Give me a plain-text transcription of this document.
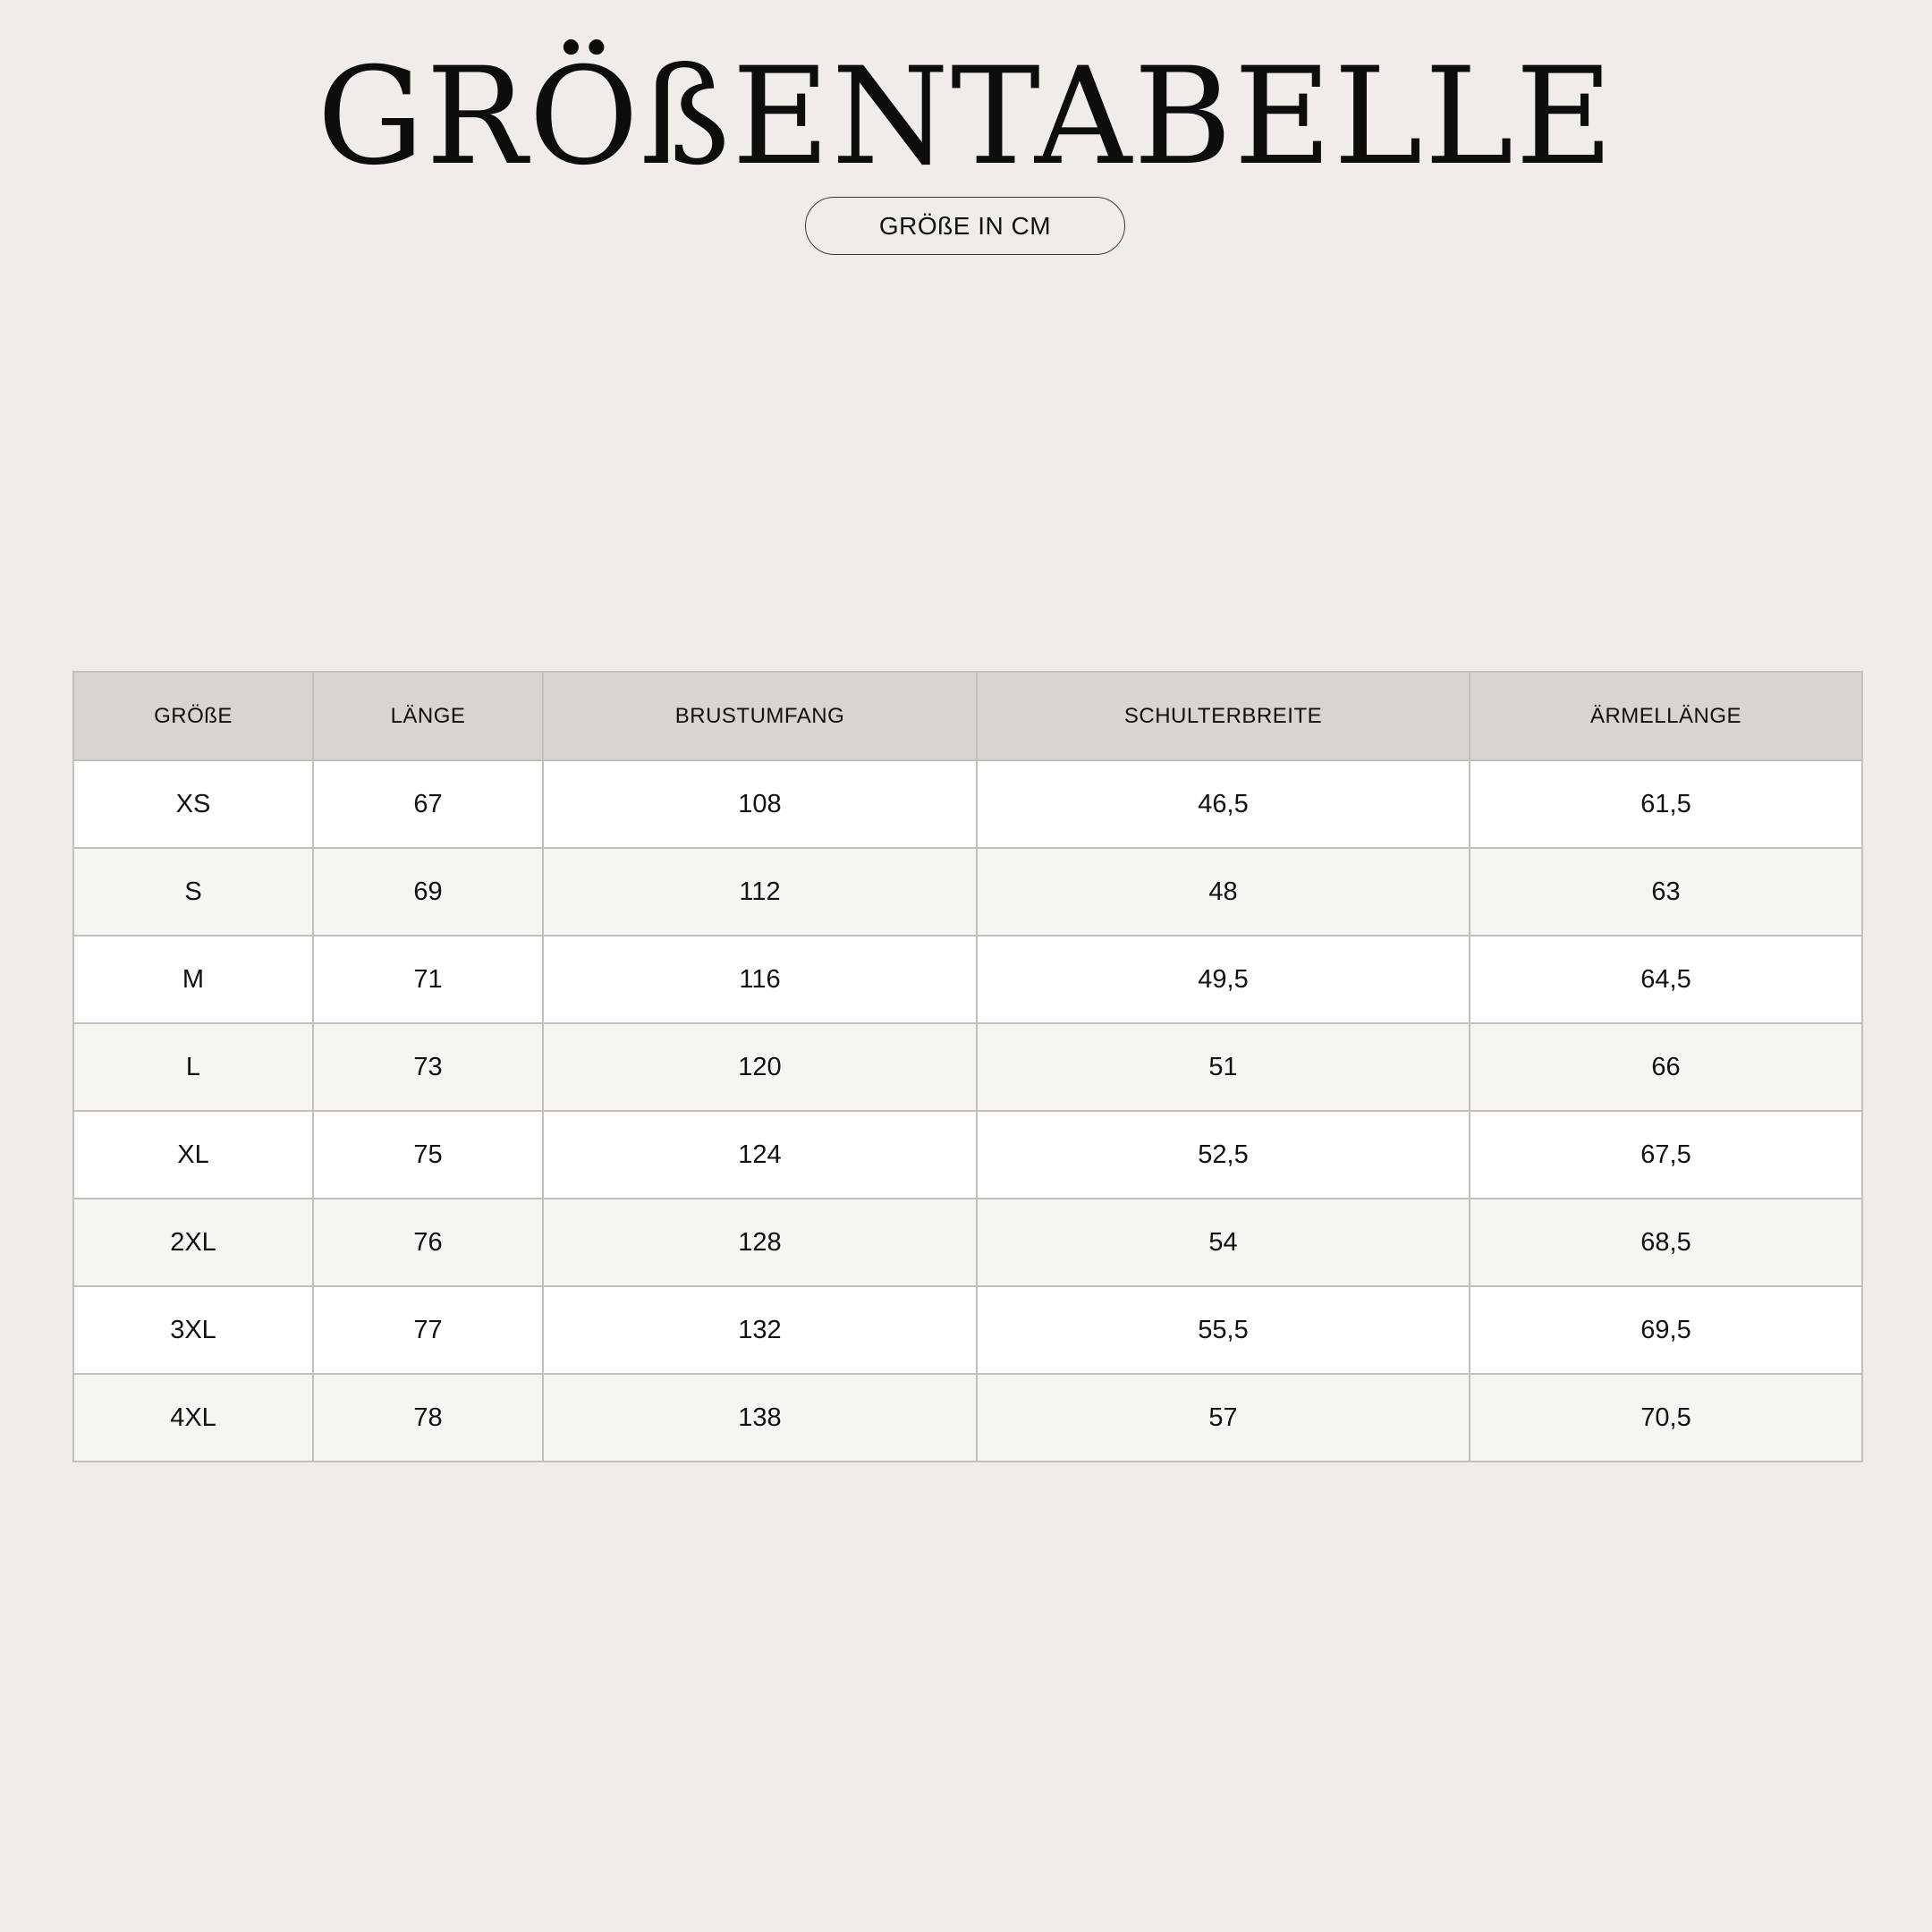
GRÖßENTABELLE
GRÖßE IN CM
GRÖßE	LÄNGE	BRUSTUMFANG	SCHULTERBREITE	ÄRMELLÄNGE
XS	67	108	46,5	61,5
S	69	112	48	63
M	71	116	49,5	64,5
L	73	120	51	66
XL	75	124	52,5	67,5
2XL	76	128	54	68,5
3XL	77	132	55,5	69,5
4XL	78	138	57	70,5
